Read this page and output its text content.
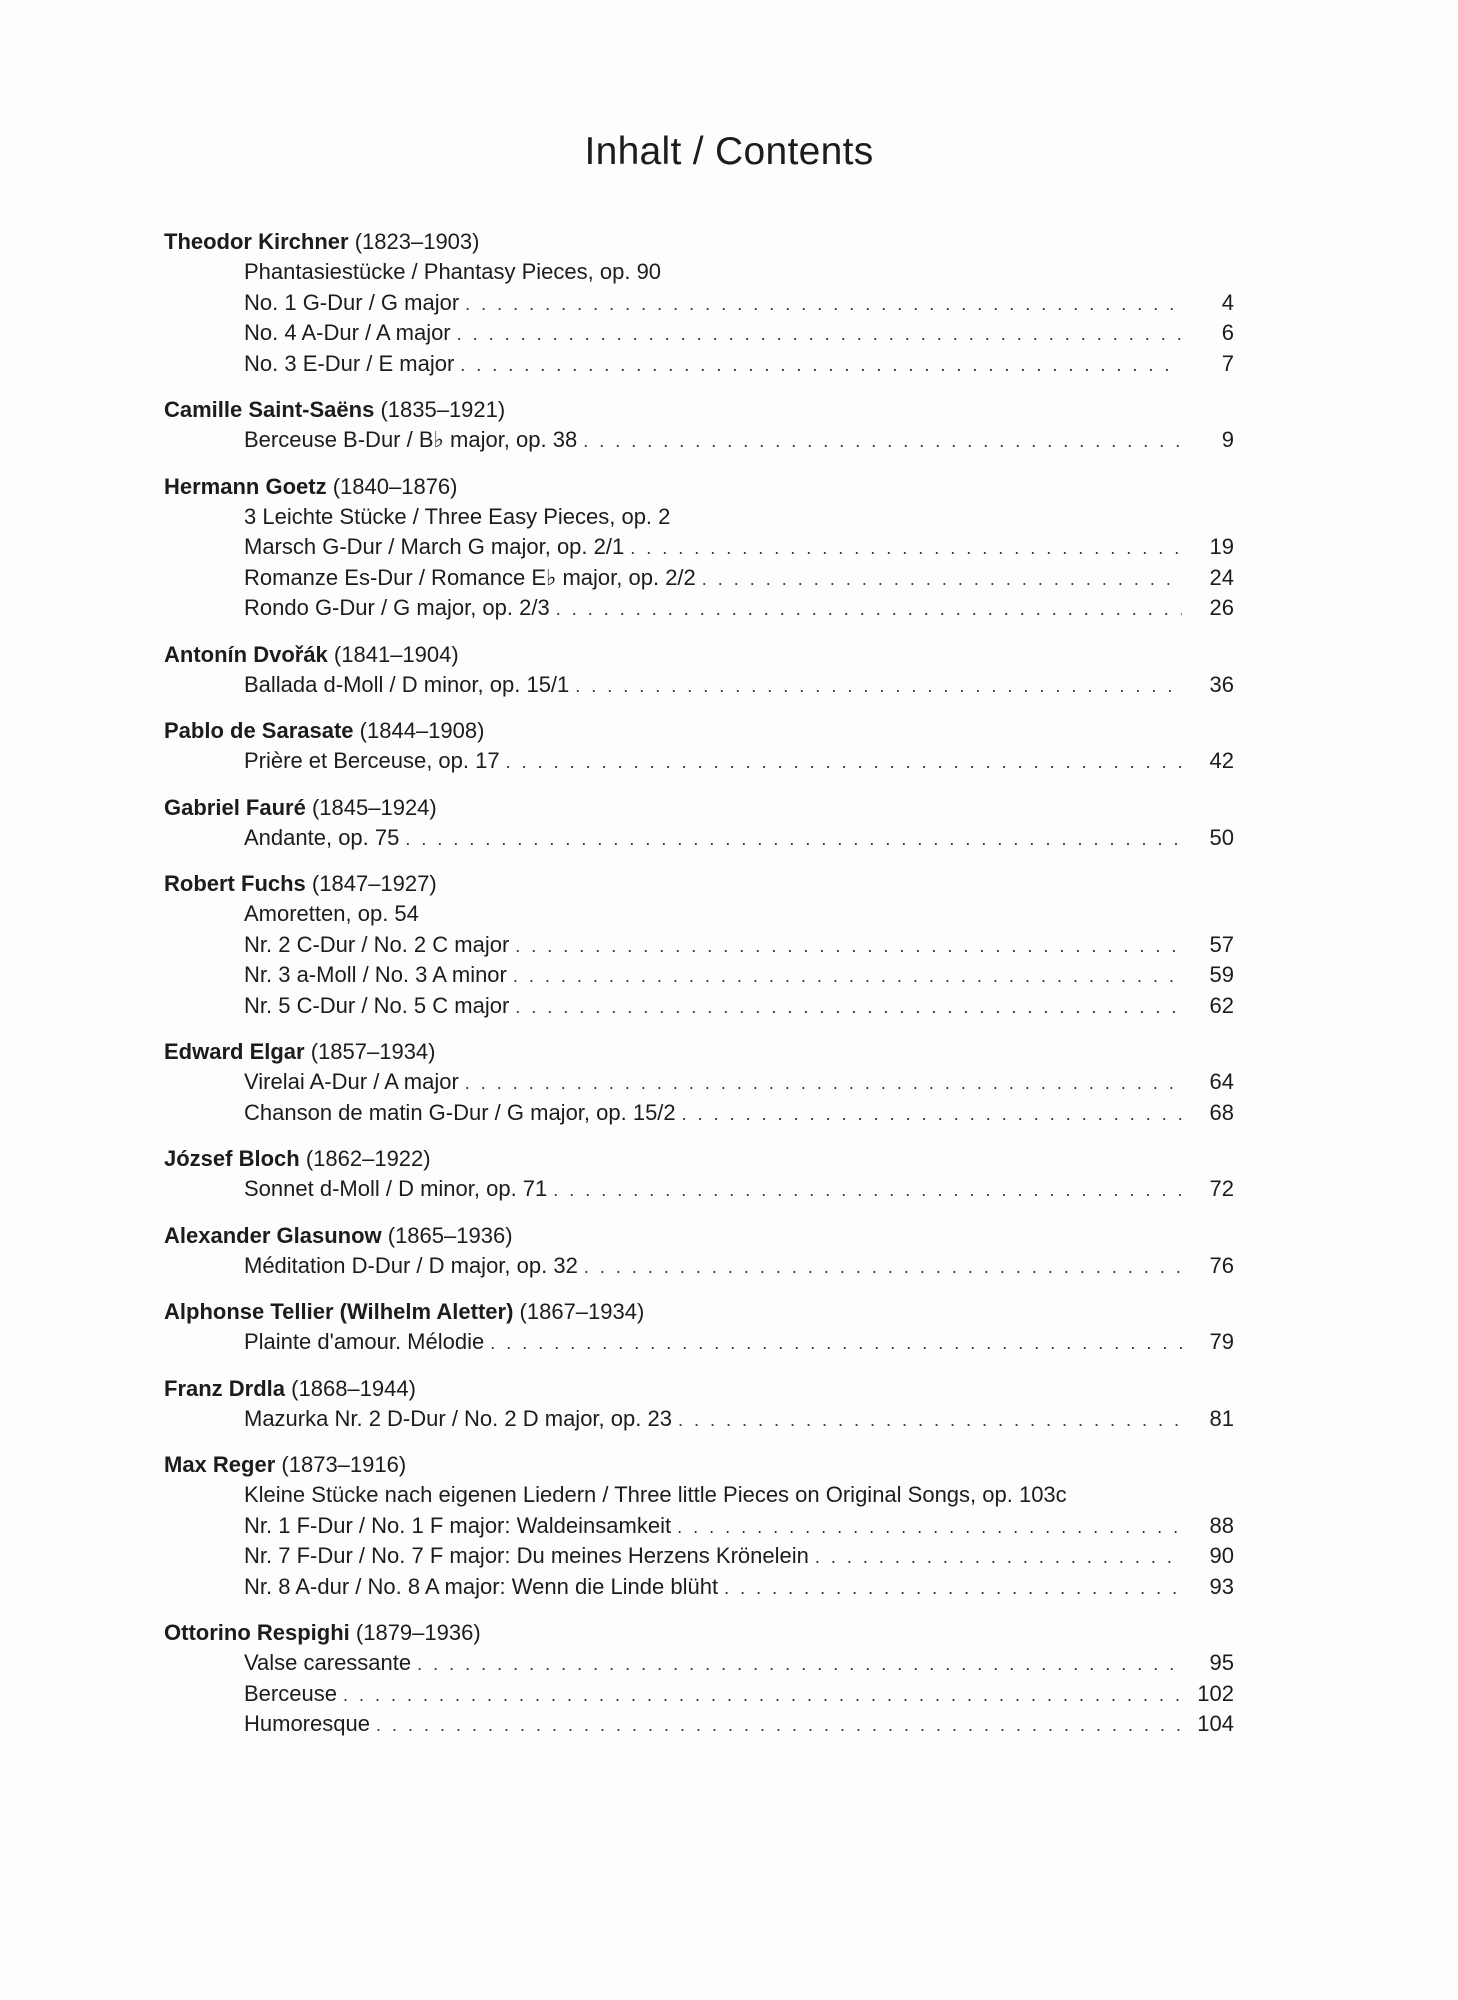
Inhalt / Contents
Theodor Kirchner (1823–1903)
Phantasiestücke / Phantasy Pieces, op. 90
No. 1 G-Dur / G major . . .	4
No. 4 A-Dur / A major . . .	6
No. 3 E-Dur / E major . . .	7
Camille Saint-Saëns (1835–1921)
Berceuse B-Dur / B♭ major, op. 38 . . .	9
Hermann Goetz (1840–1876)
3 Leichte Stücke / Three Easy Pieces, op. 2
Marsch G-Dur / March G major, op. 2/1 . . .	19
Romanze Es-Dur / Romance E♭ major, op. 2/2 . . .	24
Rondo G-Dur / G major, op. 2/3 . . .	26
Antonín Dvořák (1841–1904)
Ballada d-Moll / D minor, op. 15/1 . . .	36
Pablo de Sarasate (1844–1908)
Prière et Berceuse, op. 17 . . .	42
Gabriel Fauré (1845–1924)
Andante, op. 75 . . .	50
Robert Fuchs (1847–1927)
Amoretten, op. 54
Nr. 2 C-Dur / No. 2 C major . . .	57
Nr. 3 a-Moll / No. 3 A minor . . .	59
Nr. 5 C-Dur / No. 5 C major . . .	62
Edward Elgar (1857–1934)
Virelai A-Dur / A major . . .	64
Chanson de matin G-Dur / G major, op. 15/2 . . .	68
József Bloch (1862–1922)
Sonnet d-Moll / D minor, op. 71 . . .	72
Alexander Glasunow (1865–1936)
Méditation D-Dur / D major, op. 32 . . .	76
Alphonse Tellier (Wilhelm Aletter) (1867–1934)
Plainte d'amour. Mélodie . . .	79
Franz Drdla (1868–1944)
Mazurka Nr. 2 D-Dur / No. 2 D major, op. 23 . . .	81
Max Reger (1873–1916)
Kleine Stücke nach eigenen Liedern / Three little Pieces on Original Songs, op. 103c
Nr. 1 F-Dur / No. 1 F major: Waldeinsamkeit . . .	88
Nr. 7 F-Dur / No. 7 F major: Du meines Herzens Krönelein . . .	90
Nr. 8 A-dur / No. 8 A major: Wenn die Linde blüht . . .	93
Ottorino Respighi (1879–1936)
Valse caressante . . .	95
Berceuse . . .	102
Humoresque . . .	104
